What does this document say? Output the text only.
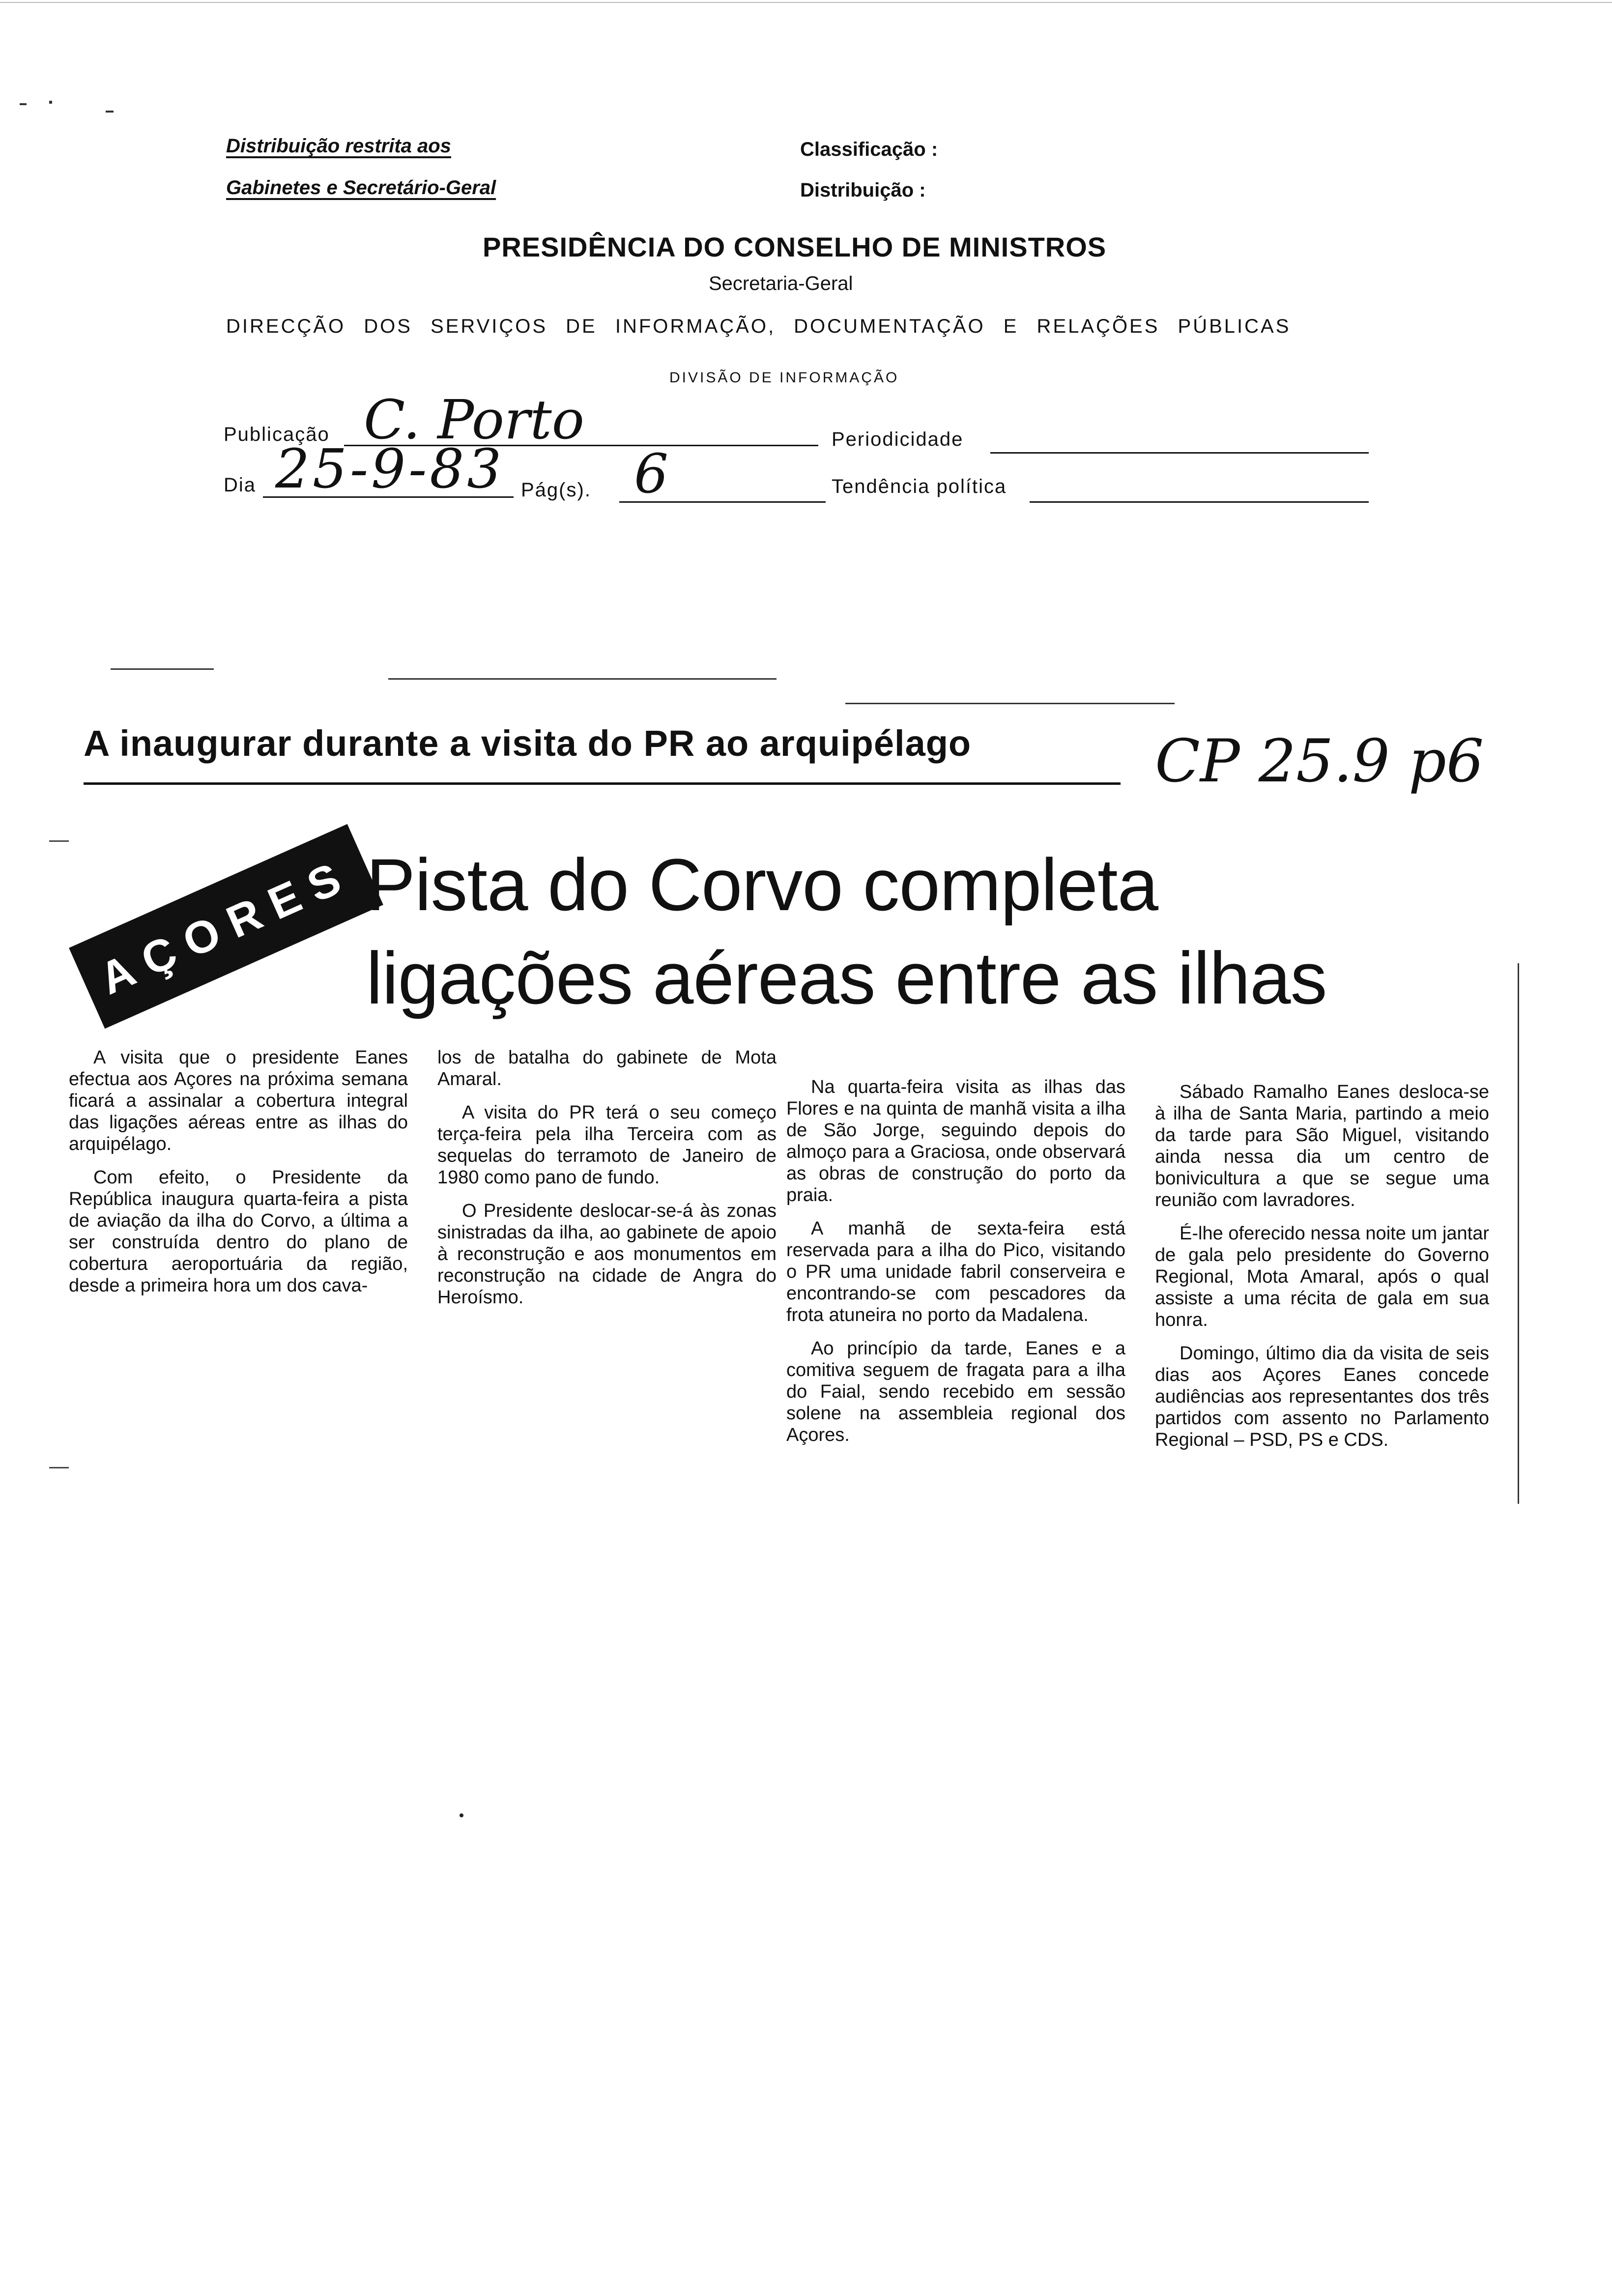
Distribuição restrita aos
Gabinetes e Secretário-Geral
Classificação :
Distribuição :
PRESIDÊNCIA DO CONSELHO DE MINISTROS
Secretaria-Geral
DIRECÇÃO DOS SERVIÇOS DE INFORMAÇÃO, DOCUMENTAÇÃO E RELAÇÕES PÚBLICAS
DIVISÃO DE INFORMAÇÃO
Publicação C. Porto	Periodicidade
Dia 25-9-83 Pág(s). 6	Tendência política
A inaugurar durante a visita do PR ao arquipélago	CP 25.9 p6
AÇORES Pista do Corvo completa
ligações aéreas entre as ilhas

A visita que o presidente Eanes efectua aos Açores na próxima semana ficará a assinalar a cobertura integral das ligações aéreas entre as ilhas do arquipélago.

Com efeito, o Presidente da República inaugura quarta-feira a pista de aviação da ilha do Corvo, a última a ser construída dentro do plano de cobertura aeroportuária da região, desde a primeira hora um dos cava-

los de batalha do gabinete de Mota Amaral.

A visita do PR terá o seu começo terça-feira pela ilha Terceira com as sequelas do terramoto de Janeiro de 1980 como pano de fundo.

O Presidente deslocar-se-á às zonas sinistradas da ilha, ao gabinete de apoio à reconstrução e aos monumentos em reconstrução na cidade de Angra do Heroísmo.

Na quarta-feira visita as ilhas das Flores e na quinta de manhã visita a ilha de São Jorge, seguindo depois do almoço para a Graciosa, onde observará as obras de construção do porto da praia.

A manhã de sexta-feira está reservada para a ilha do Pico, visitando o PR uma unidade fabril conserveira e encontrando-se com pescadores da frota atuneira no porto da Madalena.

Ao princípio da tarde, Eanes e a comitiva seguem de fragata para a ilha do Faial, sendo recebido em sessão solene na assembleia regional dos Açores.

Sábado Ramalho Eanes desloca-se à ilha de Santa Maria, partindo a meio da tarde para São Miguel, visitando ainda nessa dia um centro de bonivicultura a que se segue uma reunião com lavradores.

É-lhe oferecido nessa noite um jantar de gala pelo presidente do Governo Regional, Mota Amaral, após o qual assiste a uma récita de gala em sua honra.

Domingo, último dia da visita de seis dias aos Açores Eanes concede audiências aos representantes dos três partidos com assento no Parlamento Regional – PSD, PS e CDS.
